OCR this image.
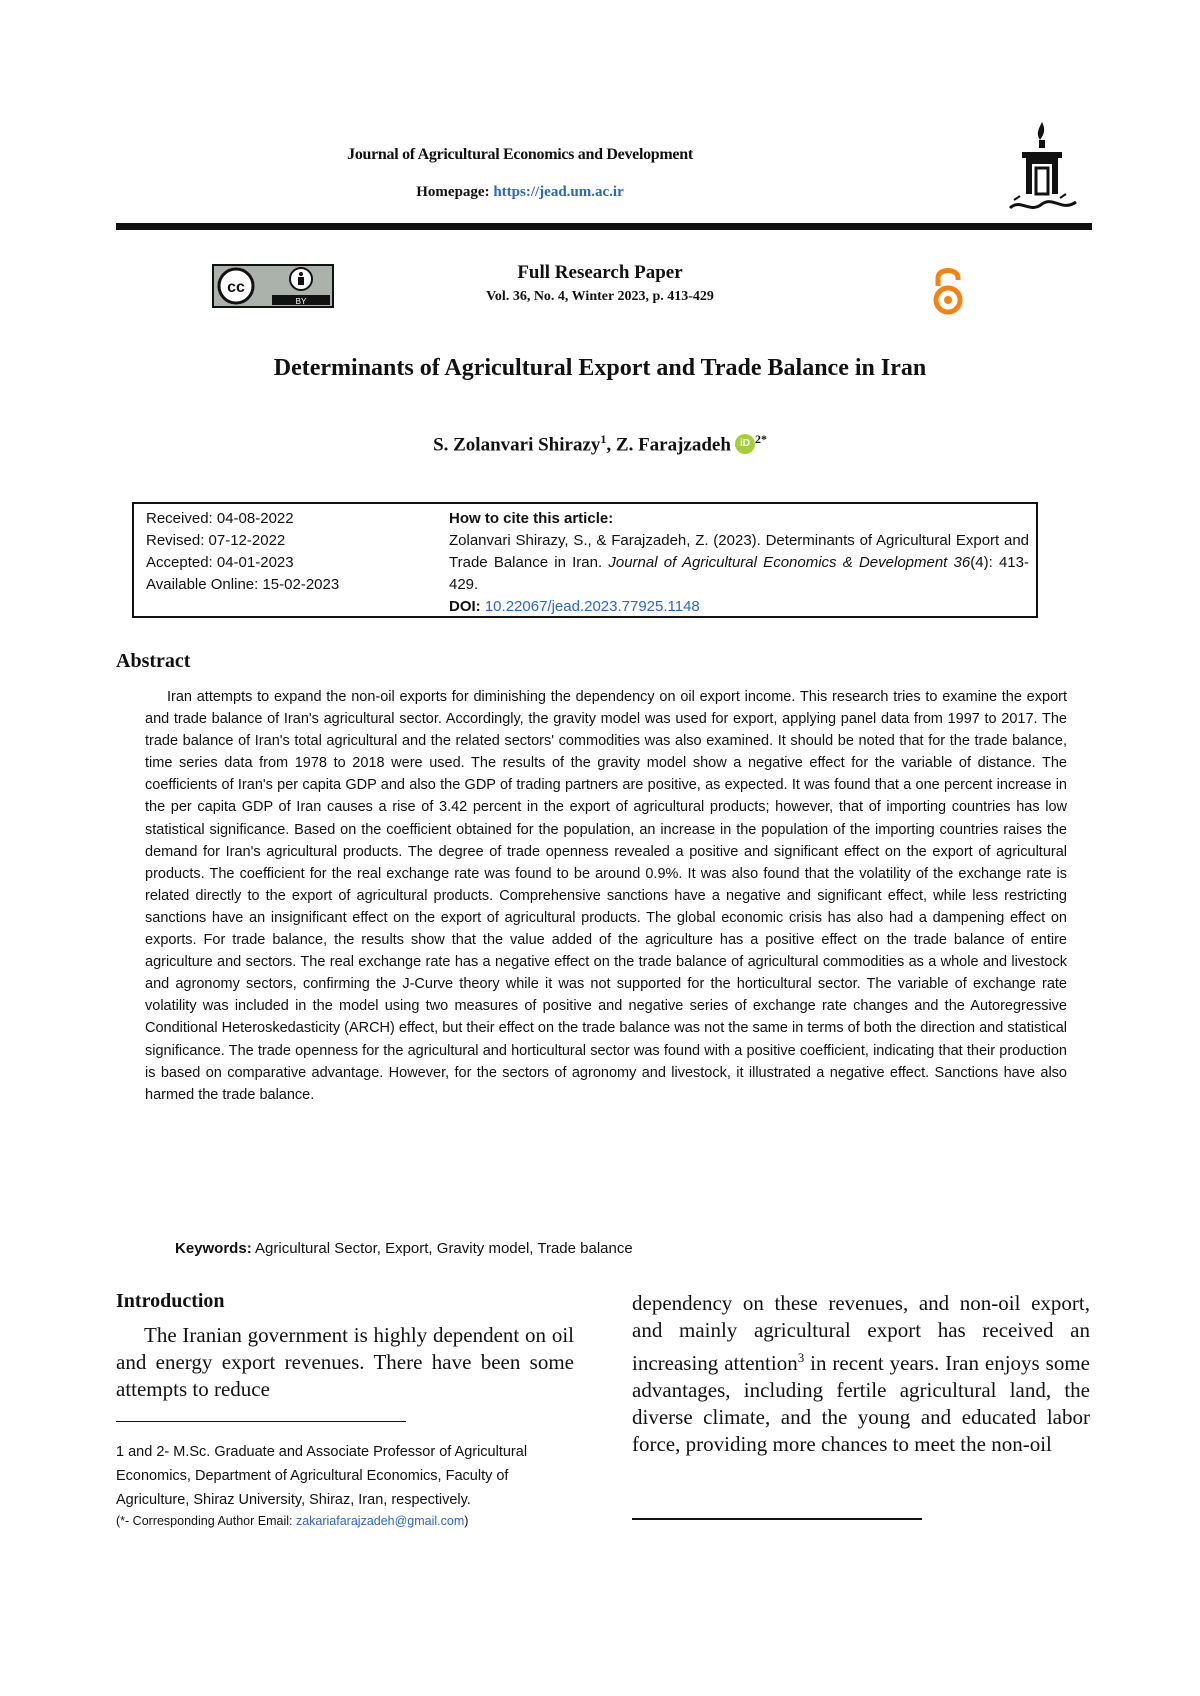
Journal of Agricultural Economics and Development
Homepage: https://jead.um.ac.ir
cc
BY
Full Research Paper
Vol. 36, No. 4, Winter 2023, p. 413-429
Determinants of Agricultural Export and Trade Balance in Iran
S. Zolanvari Shirazy$^1$, Z. Farajzadeh iD $^{2*}$
Received: 04-08-2022
Revised: 07-12-2022
Accepted: 04-01-2023
Available Online: 15-02-2023
How to cite this article:
Zolanvari Shirazy, S., & Farajzadeh, Z. (2023). Determinants of Agricultural Export and Trade Balance in Iran. Journal of Agricultural Economics & Development 36(4): 413-429.
DOI: 10.22067/jead.2023.77925.1148
Abstract

Iran attempts to expand the non-oil exports for diminishing the dependency on oil export income. This research tries to examine the export and trade balance of Iran's agricultural sector. Accordingly, the gravity model was used for export, applying panel data from 1997 to 2017. The trade balance of Iran's total agricultural and the related sectors' commodities was also examined. It should be noted that for the trade balance, time series data from 1978 to 2018 were used. The results of the gravity model show a negative effect for the variable of distance. The coefficients of Iran's per capita GDP and also the GDP of trading partners are positive, as expected. It was found that a one percent increase in the per capita GDP of Iran causes a rise of 3.42 percent in the export of agricultural products; however, that of importing countries has low statistical significance. Based on the coefficient obtained for the population, an increase in the population of the importing countries raises the demand for Iran's agricultural products. The degree of trade openness revealed a positive and significant effect on the export of agricultural products. The coefficient for the real exchange rate was found to be around 0.9%. It was also found that the volatility of the exchange rate is related directly to the export of agricultural products. Comprehensive sanctions have a negative and significant effect, while less restricting sanctions have an insignificant effect on the export of agricultural products. The global economic crisis has also had a dampening effect on exports. For trade balance, the results show that the value added of the agriculture has a positive effect on the trade balance of entire agriculture and sectors. The real exchange rate has a negative effect on the trade balance of agricultural commodities as a whole and livestock and agronomy sectors, confirming the J-Curve theory while it was not supported for the horticultural sector. The variable of exchange rate volatility was included in the model using two measures of positive and negative series of exchange rate changes and the Autoregressive Conditional Heteroskedasticity (ARCH) effect, but their effect on the trade balance was not the same in terms of both the direction and statistical significance. The trade openness for the agricultural and horticultural sector was found with a positive coefficient, indicating that their production is based on comparative advantage. However, for the sectors of agronomy and livestock, it illustrated a negative effect. Sanctions have also harmed the trade balance.

Keywords: Agricultural Sector, Export, Gravity model, Trade balance
Introduction

The Iranian government is highly dependent on oil and energy export revenues. There have been some attempts to reduce

dependency on these revenues, and non-oil export, and mainly agricultural export has received an increasing attention$^3$ in recent years. Iran enjoys some advantages, including fertile agricultural land, the diverse climate, and the young and educated labor force, providing more chances to meet the non-oil

1 and 2- M.Sc. Graduate and Associate Professor of Agricultural Economics, Department of Agricultural Economics, Faculty of Agriculture, Shiraz University, Shiraz, Iran, respectively.
(*- Corresponding Author Email: zakariafarajzadeh@gmail.com)
